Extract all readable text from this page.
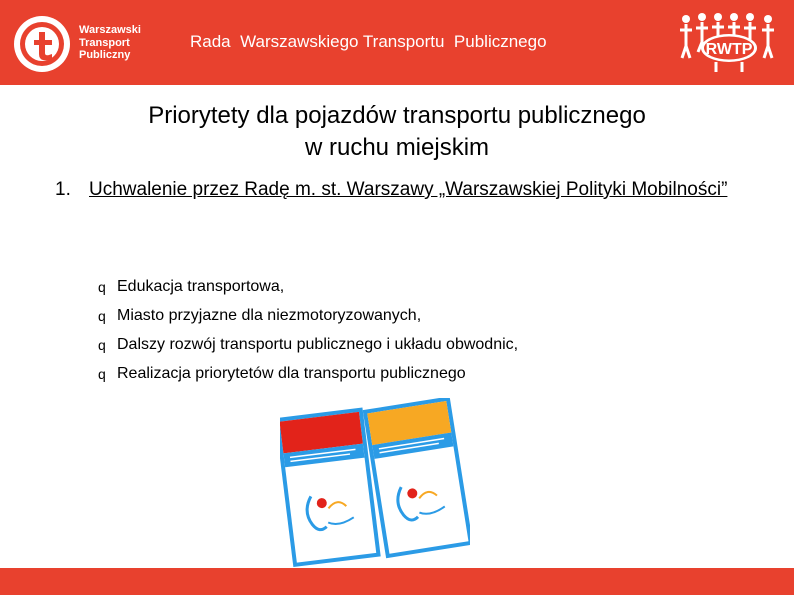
Warszawski
Transport
Publiczny
Rada  Warszawskiego Transportu  Publicznego	RWTP
Priorytety dla pojazdów transportu publicznego
w ruchu miejskim
1. Uchwalenie przez Radę m. st. Warszawy „Warszawskiej Polityki Mobilności”
q Edukacja transportowa,
q Miasto przyjazne dla niezmotoryzowanych,
q Dalszy rozwój transportu publicznego i układu obwodnic,
q Realizacja priorytetów dla transportu publicznego
